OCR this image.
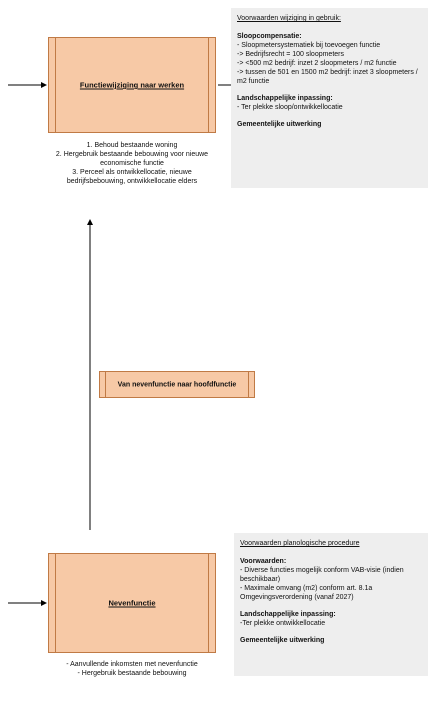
Functiewijziging naar werken
1. Behoud bestaande woning
2. Hergebruik bestaande bebouwing voor nieuwe economische functie
3. Perceel als ontwikkellocatie, nieuwe bedrijfsbebouwing, ontwikkellocatie elders
Voorwaarden wijziging in gebruik:
Sloopcompensatie:
- Sloopmetersystematiek bij toevoegen functie
-> Bedrijfsrecht = 100 sloopmeters
-> <500 m2 bedrijf: inzet 2 sloopmeters / m2 functie
-> tussen de 501 en 1500 m2 bedrijf: inzet 3 sloopmeters / m2 functie
Landschappelijke inpassing:
- Ter plekke sloop/ontwikkellocatie
Gemeentelijke uitwerking
Van nevenfunctie naar hoofdfunctie
Nevenfunctie
- Aanvullende inkomsten met nevenfunctie
- Hergebruik bestaande bebouwing
Voorwaarden planologische procedure
Voorwaarden:
- Diverse functies mogelijk conform VAB-visie (indien beschikbaar)
- Maximale omvang (m2) conform art. 8.1a Omgevingsverordening (vanaf 2027)
Landschappelijke inpassing:
-Ter plekke ontwikkellocatie
Gemeentelijke uitwerking
